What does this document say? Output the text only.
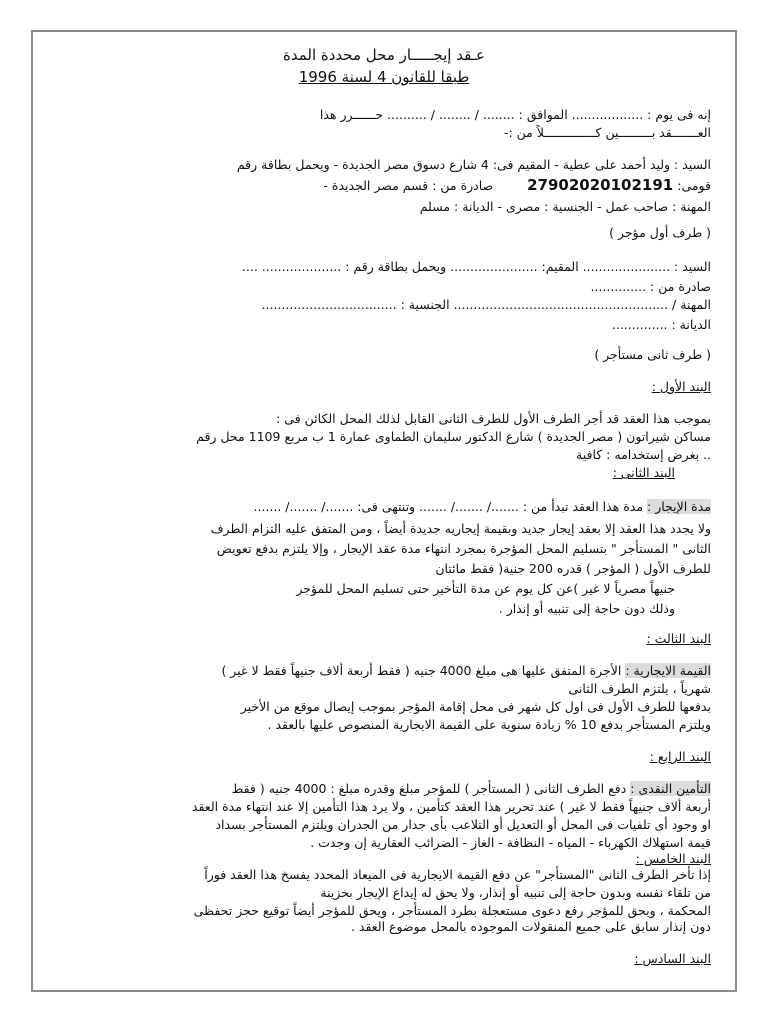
عـقد إيجـــــار محل محددة المدة
طبقا للقانون 4 لسنة 1996
إنه فى يوم : .................. الموافق : ........ / ........ / .......... حــــــرر هذا
العـــــــقد بـــــــــين كــــــــــــــلاً من :-
السيد : وليد أحمد على عطية - المقيم فى: 4 شارع دسوق مصر الجديدة - ويحمل بطاقة رقم
قومى: 27902020102191  صادرة من : قسم مصر الجديدة -
المهنة : صاحب عمل - الجنسية : مصرى - الديانة : مسلم
( طرف أول مؤجر )
السيد : ...................... المقيم: ...................... ويحمل بطاقة رقم : .................... ....
صادرة من : ..............
المهنة / ...................................................... الجنسية : ..................................
الديانة : ..............
( طرف ثانى مستأجر )
البند الأول :
بموجب هذا العقد قد أجر الطرف الأول للطرف الثانى القابل لذلك المحل الكائن فى :
مساكن شيراتون ( مصر الجديدة ) شارع الدكتور سليمان الطماوى عمارة 1 ب مربع 1109 محل رقم
.. بغرض إستخدامه : كافية
البند الثانى :
مدة الإيجار : مدة هذا العقد تبدأ من : ......./ ......./ ....... وتنتهى فى: ......./ ......./ .......
ولا يجدد هذا العقد إلا بعقد إيجار جديد وبقيمة إيجاريه جديدة أيضاً ، ومن المتفق عليه التزام الطرف
الثانى " المستأجر " بتسليم المحل المؤجرة بمجرد انتهاء مدة عقد الإيجار ، وإلا يلتزم بدفع تعويض
للطرف الأول ( المؤجر ) قدره 200 جنية( فقط مائتان
جنيهاً مصرياً لا غير )عن كل يوم عن مدة التأخير حتى تسليم المحل للمؤجر
وذلك دون حاجة إلى تنبيه أو إنذار .
البند الثالث :
القيمة الايجارية : الأجرة المتفق عليها هى مبلغ 4000 جنيه ( فقط أربعة ألاف جنيهاً فقط لا غير )
شهرياً ، يلتزم الطرف الثانى
بدفعها للطرف الأول فى اول كل شهر فى محل إقامة المؤجر بموجب إيصال موقع من الأخير
ويلتزم المستأجر بدفع 10 % زيادة سنوية على القيمة الايجارية المنصوص عليها بالعقد .
البند الرابع :
التأمين النقدى : دفع الطرف الثانى ( المستأجر ) للمؤجر مبلغ وقدره مبلغ : 4000 جنيه ( فقط
أربعة ألاف جنيهاً فقط لا غير ) عند تحرير هذا العقد كتأمين ، ولا يرد هذا التأمين إلا عند انتهاء مدة العقد
او وجود أى تلفيات فى المحل أو التعديل أو التلاعب بأى جدار من الجدران ويلتزم المستأجر بسداد
قيمة استهلاك الكهرباء - المياه - النظافة - الغاز - الضرائب العقارية إن وجدت .
البند الخامس :
إذا تأخر الطرف الثانى "المستأجر" عن دفع القيمة الايجارية فى الميعاد المحدد يفسخ هذا العقد فوراً
من تلقاء نفسه وبدون حاجة إلى تنبيه أو إنذار، ولا يحق له إيداع الإيجار بخزينة
المحكمة ، ويحق للمؤجر رفع دعوى مستعجلة بطرد المستأجر ، ويحق للمؤجر أيضاً توقيع حجز تحفظى
دون إنذار سابق على جميع المنقولات الموجوده بالمحل موضوع العقد .
البند السادس :
